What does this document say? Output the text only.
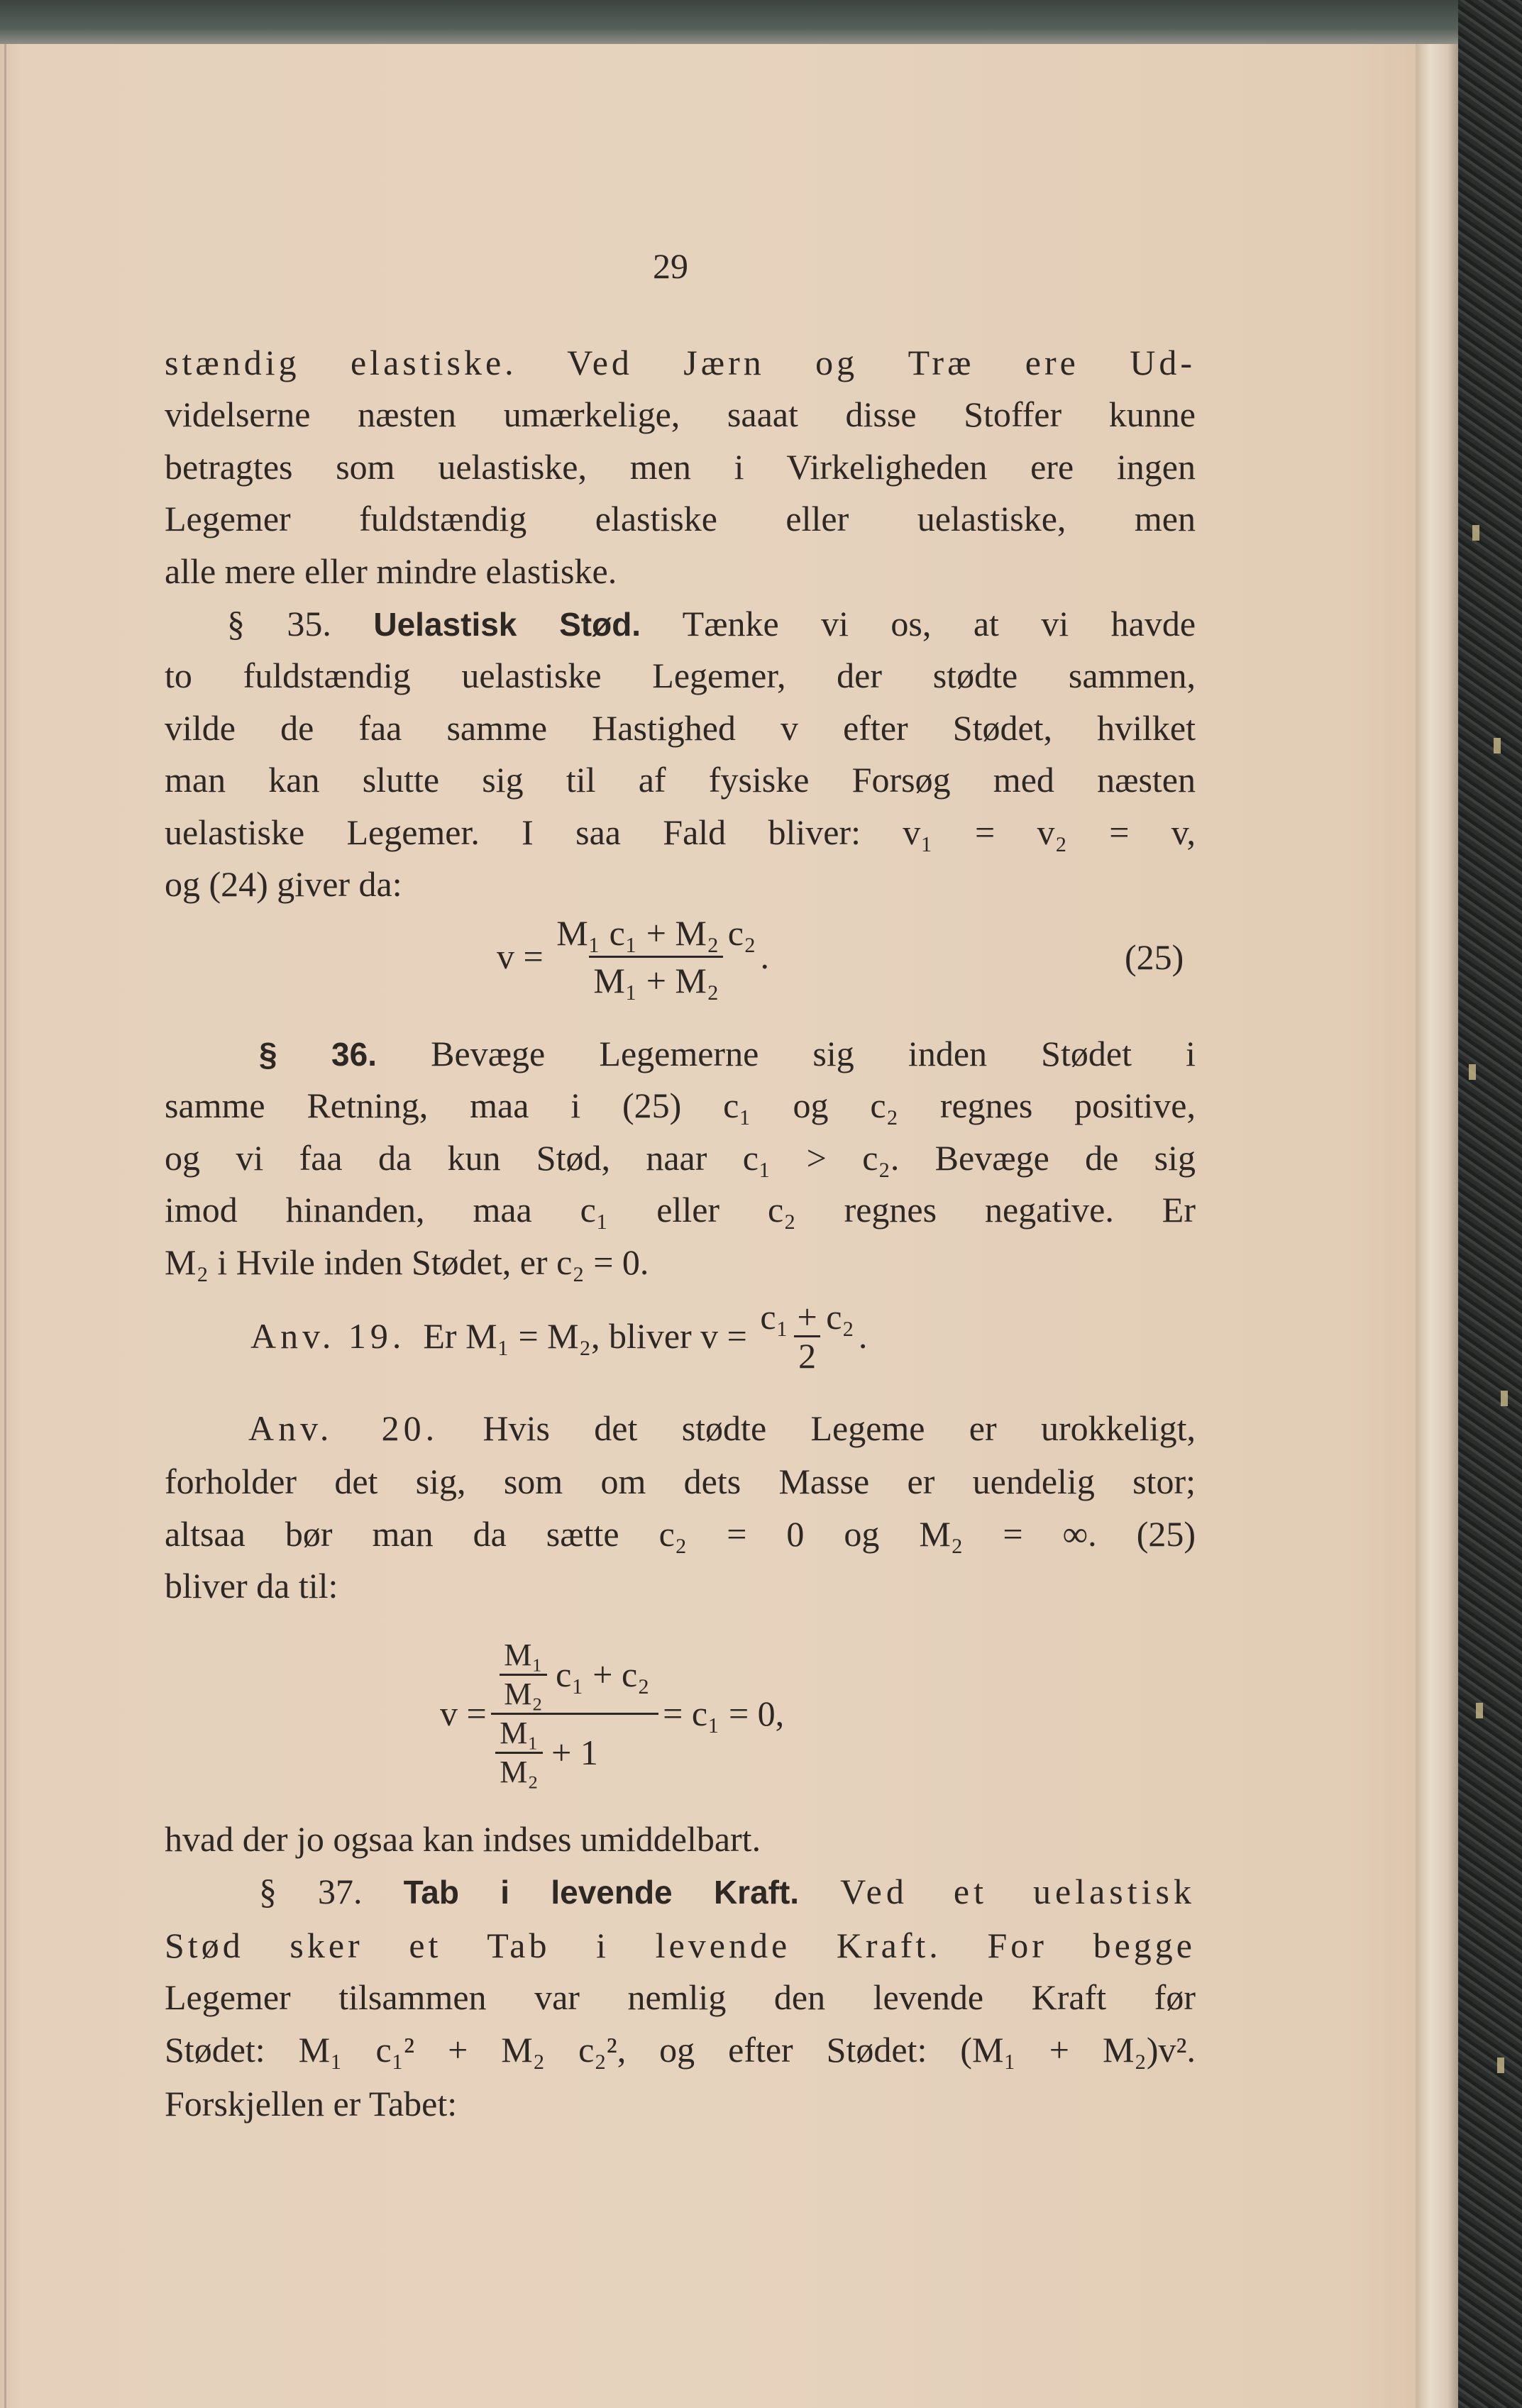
29
stændig elastiske. Ved Jærn og Træ ere Ud-
videlserne næsten umærkelige, saaat disse Stoffer kunne
betragtes som uelastiske, men i Virkeligheden ere ingen
Legemer fuldstændig elastiske eller uelastiske, men
alle mere eller mindre elastiske.
§ 35. Uelastisk Stød. Tænke vi os, at vi havde
to fuldstændig uelastiske Legemer, der stødte sammen,
vilde de faa samme Hastighed v efter Stødet, hvilket
man kan slutte sig til af fysiske Forsøg med næsten
uelastiske Legemer. I saa Fald bliver: v₁ = v₂ = v,
og (24) giver da:
v =
$\frac{\text{M₁ c₁ + M₂ c₂}}{\text{M₁ + M₂}}$ .	(25)
§ 36. Bevæge Legemerne sig inden Stødet i
samme Retning, maa i (25) c₁ og c₂ regnes positive,
og vi faa da kun Stød, naar c₁ > c₂. Bevæge de sig
imod hinanden, maa c₁ eller c₂ regnes negative. Er
M₂ i Hvile inden Stødet, er c₂ = 0.
Anv. 19.
Er M₁ = M₂, bliver v =
$\frac{\text{c₁ + c₂}}{2}$ .
Anv. 20. Hvis det stødte Legeme er urokkeligt,
forholder det sig, som om dets Masse er uendelig stor;
altsaa bør man da sætte c₂ = 0 og M₂ = ∞. (25)
bliver da til:
v =
$\frac{\text{M₁}}{\text{M₂}}$
c₁ + c₂
$\frac{\text{M₁}}{\text{M₂}}$
+ 1
= c₁ = 0,
hvad der jo ogsaa kan indses umiddelbart.
§ 37. Tab i levende Kraft. Ved et uelastisk
Stød sker et Tab i levende Kraft. For begge
Legemer tilsammen var nemlig den levende Kraft før
Stødet: M₁ c₁² + M₂ c₂², og efter Stødet: (M₁ + M₂)v².
Forskjellen er Tabet:
